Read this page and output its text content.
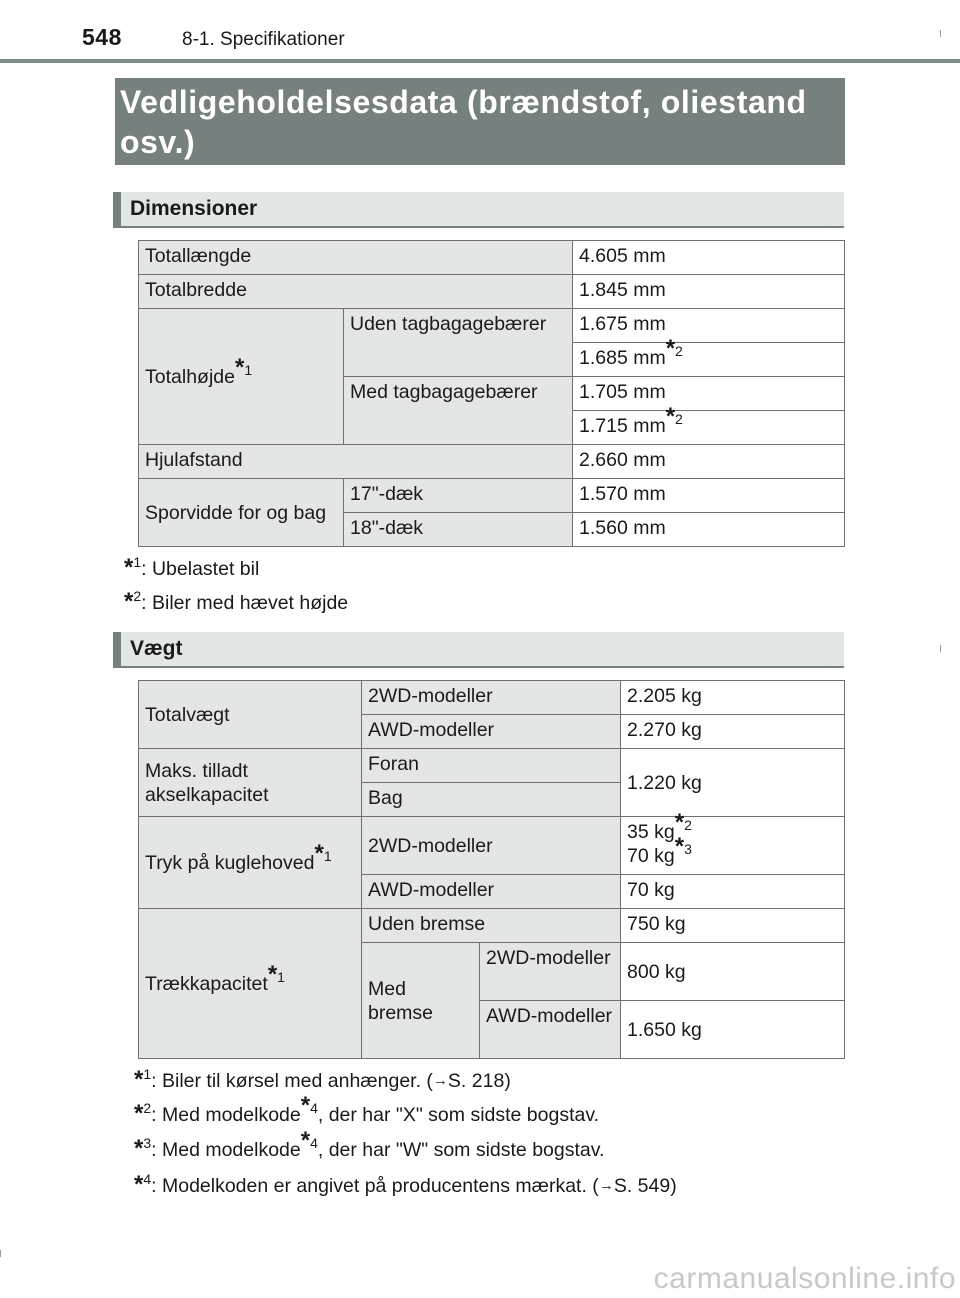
548	8-1. Specifikationer
Vedligeholdelsesdata (brændstof, oliestand osv.)
Dimensioner
Totallængde		4.605 mm
Totalbredde		1.845 mm
Totalhøjde$^{*1}$	Uden tagbagagebærer	1.675 mm
		1.685 $mm^{*2}$
	Med tagbagagebærer	1.705 mm
		1.715 $mm^{*2}$
Hjulafstand		2.660 mm
Sporvidde for og bag	17"-dæk	1.570 mm
	18"-dæk	1.560 mm
*$^1$: Ubelastet bil
*$^2$: Biler med hævet højde
Vægt
Totalvægt	2WD-modeller		2.205 kg
	AWD-modeller		2.270 kg
Maks. tilladt akselkapacitet	Foran		1.220 kg
	Bag		
Tryk på kuglehoved$^{*1}$	2WD-modeller		35 $kg^{*2}$
70 $kg^{*3}$
	AWD-modeller		70 kg
Trækkapacitet$^{*1}$	Uden bremse		750 kg
	Med bremse	2WD-modeller	800 kg
		AWD-modeller	1.650 kg
*$^1$: Biler til kørsel med anhænger. (→S. 218)
*$^2$: Med modelkode$^{*4}$, der har "X" som sidste bogstav.
*$^3$: Med modelkode$^{*4}$, der har "W" som sidste bogstav.
*$^4$: Modelkoden er angivet på producentens mærkat. (→S. 549)
carmanualsonline.info
